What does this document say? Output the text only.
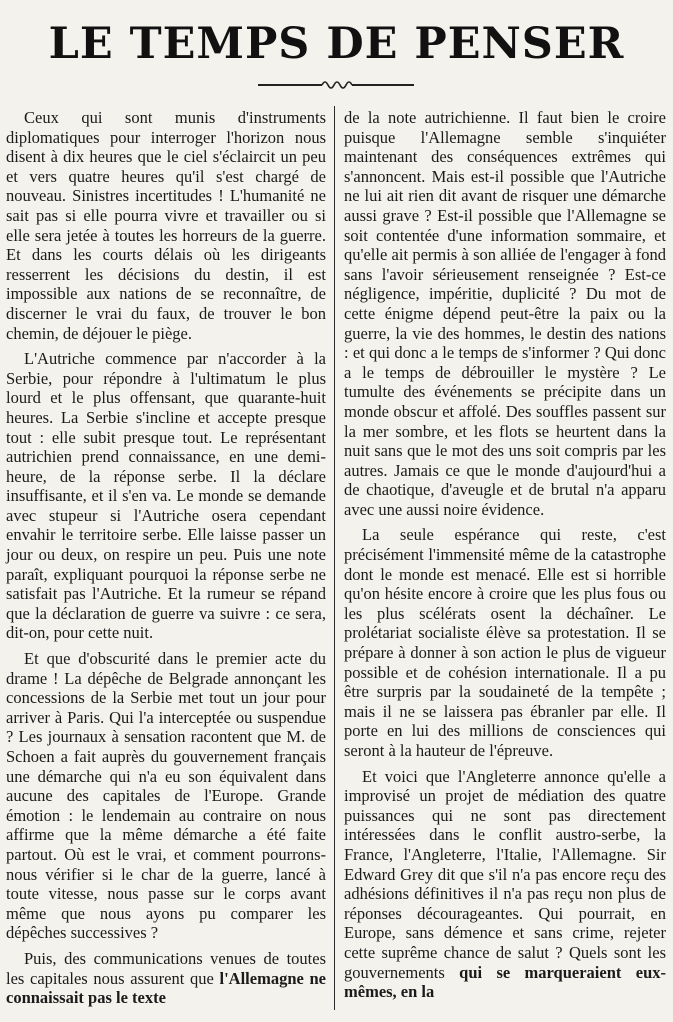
LE TEMPS DE PENSER

Ceux qui sont munis d'instruments diplomatiques pour interroger l'horizon nous disent à dix heures que le ciel s'éclaircit un peu et vers quatre heures qu'il s'est chargé de nouveau. Sinistres incertitudes ! L'humanité ne sait pas si elle pourra vivre et travailler ou si elle sera jetée à toutes les horreurs de la guerre. Et dans les courts délais où les dirigeants resserrent les décisions du destin, il est impossible aux nations de se reconnaître, de discerner le vrai du faux, de trouver le bon chemin, de déjouer le piège.

L'Autriche commence par n'accorder à la Serbie, pour répondre à l'ultimatum le plus lourd et le plus offensant, que quarante-huit heures. La Serbie s'incline et accepte presque tout : elle subit presque tout. Le représentant autrichien prend connaissance, en une demi-heure, de la réponse serbe. Il la déclare insuffisante, et il s'en va. Le monde se demande avec stupeur si l'Autriche osera cependant envahir le territoire serbe. Elle laisse passer un jour ou deux, on respire un peu. Puis une note paraît, expliquant pourquoi la réponse serbe ne satisfait pas l'Autriche. Et la rumeur se répand que la déclaration de guerre va suivre : ce sera, dit-on, pour cette nuit.

Et que d'obscurité dans le premier acte du drame ! La dépêche de Belgrade annonçant les concessions de la Serbie met tout un jour pour arriver à Paris. Qui l'a interceptée ou suspendue ? Les journaux à sensation racontent que M. de Schoen a fait auprès du gouvernement français une démarche qui n'a eu son équivalent dans aucune des capitales de l'Europe. Grande émotion : le lendemain au contraire on nous affirme que la même démarche a été faite partout. Où est le vrai, et comment pourrons-nous vérifier si le char de la guerre, lancé à toute vitesse, nous passe sur le corps avant même que nous ayons pu comparer les dépêches successives ?

Puis, des communications venues de toutes les capitales nous assurent que l'Allemagne ne connaissait pas le texte

de la note autrichienne. Il faut bien le croire puisque l'Allemagne semble s'inquiéter maintenant des conséquences extrêmes qui s'annoncent. Mais est-il possible que l'Autriche ne lui ait rien dit avant de risquer une démarche aussi grave ? Est-il possible que l'Allemagne se soit contentée d'une information sommaire, et qu'elle ait permis à son alliée de l'engager à fond sans l'avoir sérieusement renseignée ? Est-ce négligence, impéritie, duplicité ? Du mot de cette énigme dépend peut-être la paix ou la guerre, la vie des hommes, le destin des nations : et qui donc a le temps de s'informer ? Qui donc a le temps de débrouiller le mystère ? Le tumulte des événements se précipite dans un monde obscur et affolé. Des souffles passent sur la mer sombre, et les flots se heurtent dans la nuit sans que le mot des uns soit compris par les autres. Jamais ce que le monde d'aujourd'hui a de chaotique, d'aveugle et de brutal n'a apparu avec une aussi noire évidence.

La seule espérance qui reste, c'est précisément l'immensité même de la catastrophe dont le monde est menacé. Elle est si horrible qu'on hésite encore à croire que les plus fous ou les plus scélérats osent la déchaîner. Le prolétariat socialiste élève sa protestation. Il se prépare à donner à son action le plus de vigueur possible et de cohésion internationale. Il a pu être surpris par la soudaineté de la tempête ; mais il ne se laissera pas ébranler par elle. Il porte en lui des millions de consciences qui seront à la hauteur de l'épreuve.

Et voici que l'Angleterre annonce qu'elle a improvisé un projet de médiation des quatre puissances qui ne sont pas directement intéressées dans le conflit austro-serbe, la France, l'Angleterre, l'Italie, l'Allemagne. Sir Edward Grey dit que s'il n'a pas encore reçu des adhésions définitives il n'a pas reçu non plus de réponses décourageantes. Qui pourrait, en Europe, sans démence et sans crime, rejeter cette suprême chance de salut ? Quels sont les gouvernements qui se marqueraient eux-mêmes, en la
